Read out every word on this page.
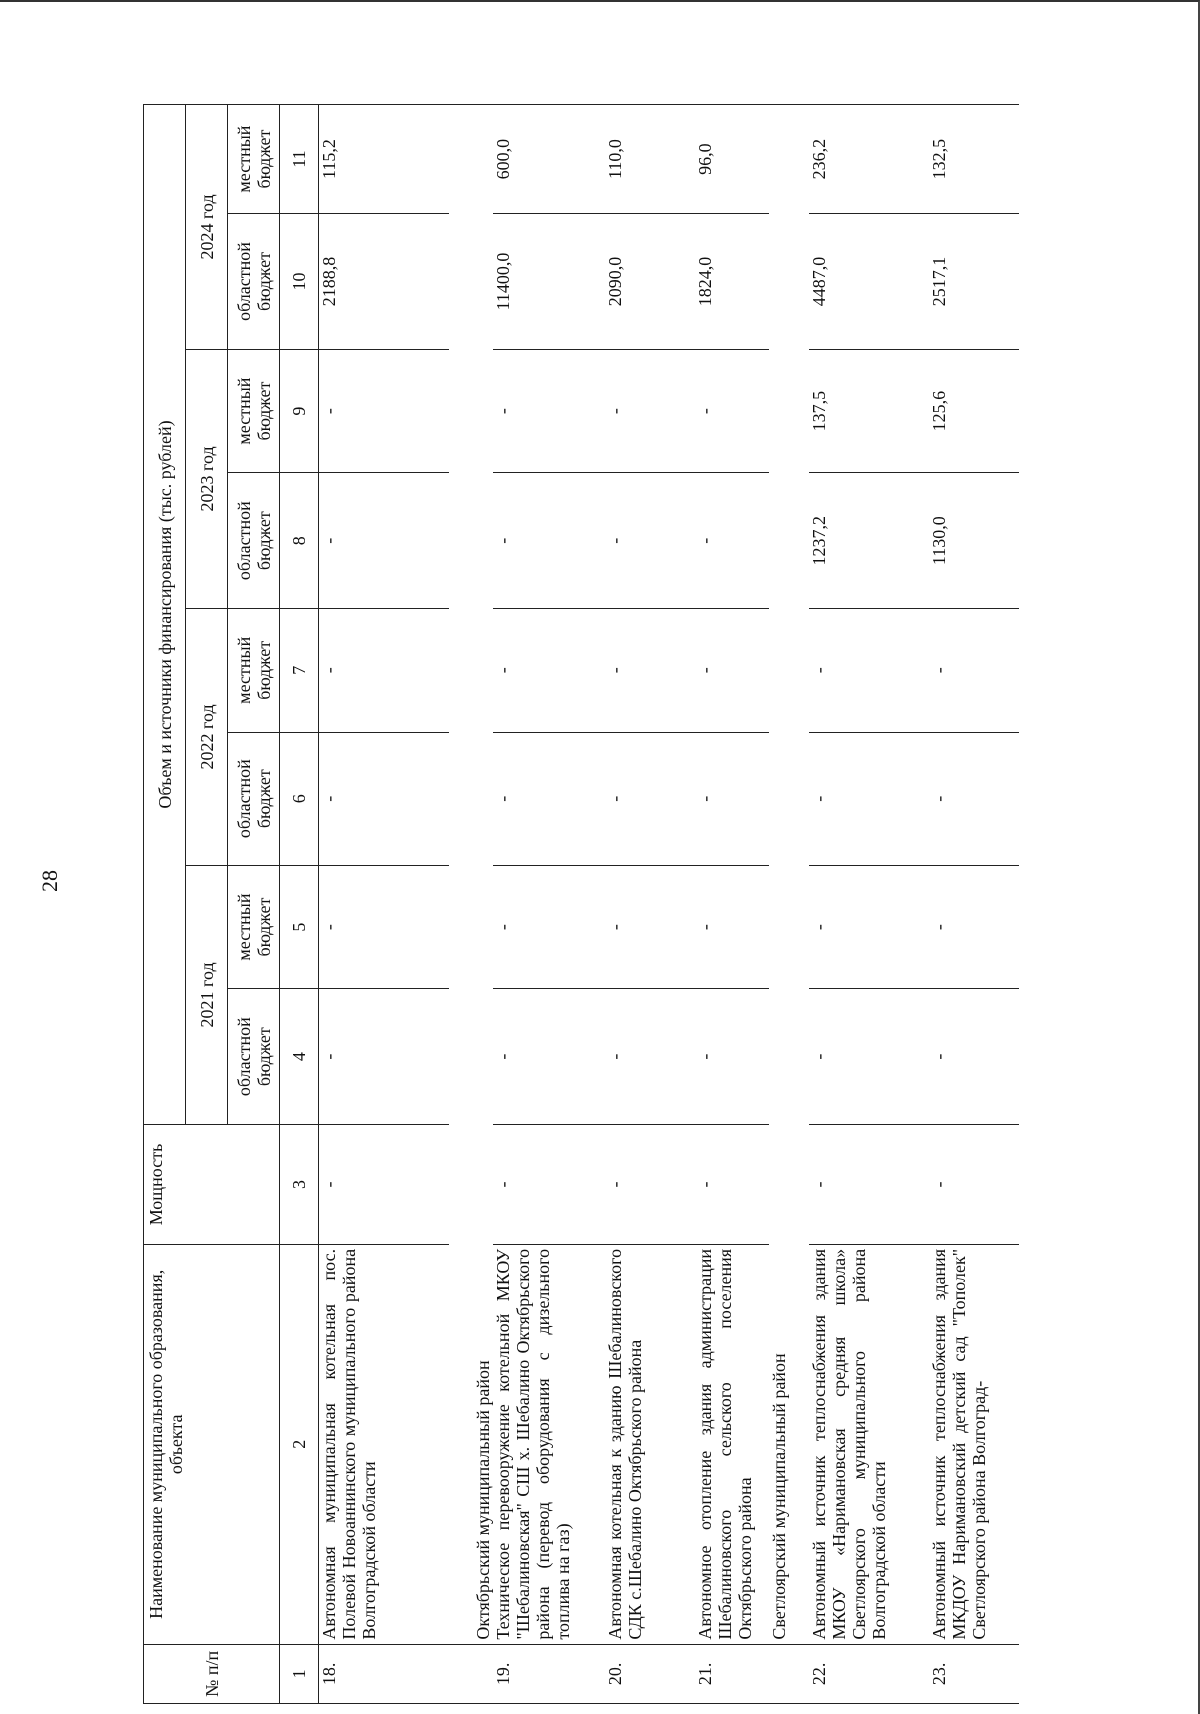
28
№ п/п	Наименование муниципального образования, объекта	Мощность	Объем и источники финансирования (тыс. рублей)							
			2021 год		2022 год		2023 год		2024 год	
			областной бюджет	местный бюджет	областной бюджет	местный бюджет	областной бюджет	местный бюджет	областной бюджет	местный бюджет
1	2	3	4	5	6	7	8	9	10	11
18.	Автономная муниципальная котельная пос. Полевой Новоаннинского муниципального района Волгоградской области	-	-	-	-	-	-	-	2188,8	115,2
	Октябрьский муниципальный район									
19.	Техническое перевооружение котельной МКОУ "Шебалиновская" СШ х. Шебалино Октябрьского района (перевод оборудования с дизельного топлива на газ)	-	-	-	-	-	-	-	11400,0	600,0
20.	Автономная котельная к зданию Шебалиновского СДК с.Шебалино Октябрьского района	-	-	-	-	-	-	-	2090,0	110,0
21.	Автономное отопление здания администрации Шебалиновского сельского поселения Октябрьского района	-	-	-	-	-	-	-	1824,0	96,0
	Светлоярский муниципальный район									
22.	Автономный источник теплоснабжения здания МКОУ «Наримановская средняя школа» Светлоярского муниципального района Волгоградской области	-	-	-	-	-	1237,2	137,5	4487,0	236,2
23.	Автономный источник теплоснабжения здания МКДОУ Наримановский детский сад "Тополек" Светлоярского района Волгоград-	-	-	-	-	-	1130,0	125,6	2517,1	132,5
